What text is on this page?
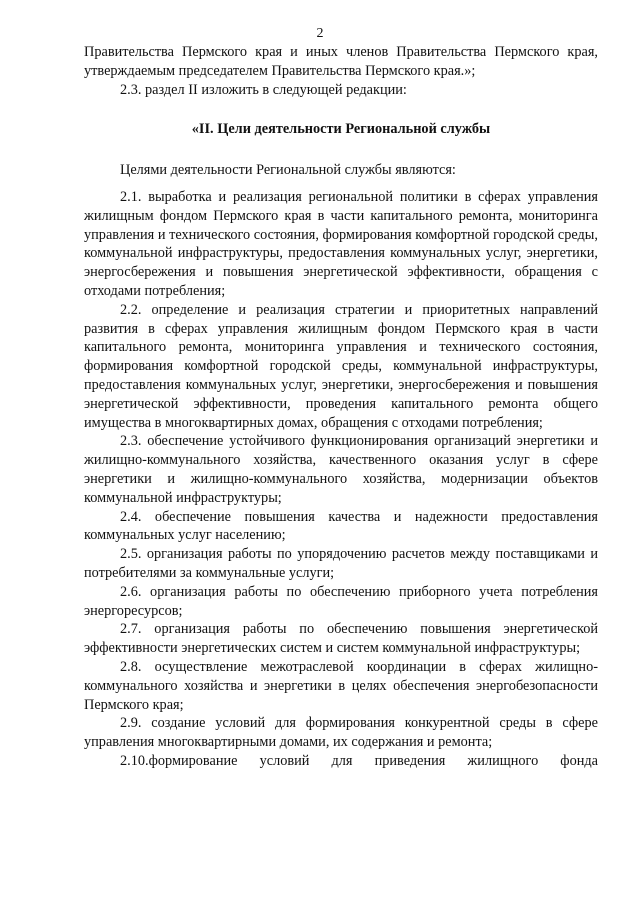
2

Правительства Пермского края и иных членов Правительства Пермского края, утверждаемым председателем Правительства Пермского края.»;

2.3. раздел II изложить в следующей редакции:

«II. Цели деятельности Региональной службы

Целями деятельности Региональной службы являются:

2.1. выработка и реализация региональной политики в сферах управления жилищным фондом Пермского края в части капитального ремонта, мониторинга управления и технического состояния, формирования комфортной городской среды, коммунальной инфраструктуры, предоставления коммунальных услуг, энергетики, энергосбережения и повышения энергетической эффективности, обращения с отходами потребления;

2.2. определение и реализация стратегии и приоритетных направлений развития в сферах управления жилищным фондом Пермского края в части капитального ремонта, мониторинга управления и технического состояния, формирования комфортной городской среды, коммунальной инфраструктуры, предоставления коммунальных услуг, энергетики, энергосбережения и повышения энергетической эффективности, проведения капитального ремонта общего имущества в многоквартирных домах, обращения с отходами потребления;

2.3. обеспечение устойчивого функционирования организаций энергетики и жилищно-коммунального хозяйства, качественного оказания услуг в сфере энергетики и жилищно-коммунального хозяйства, модернизации объектов коммунальной инфраструктуры;

2.4. обеспечение повышения качества и надежности предоставления коммунальных услуг населению;

2.5. организация работы по упорядочению расчетов между поставщиками и потребителями за коммунальные услуги;

2.6. организация работы по обеспечению приборного учета потребления энергоресурсов;

2.7. организация работы по обеспечению повышения энергетической эффективности энергетических систем и систем коммунальной инфраструктуры;

2.8. осуществление межотраслевой координации в сферах жилищно-коммунального хозяйства и энергетики в целях обеспечения энергобезопасности Пермского края;

2.9. создание условий для формирования конкурентной среды в сфере управления многоквартирными домами, их содержания и ремонта;

2.10.формирование условий для приведения жилищного фонда
